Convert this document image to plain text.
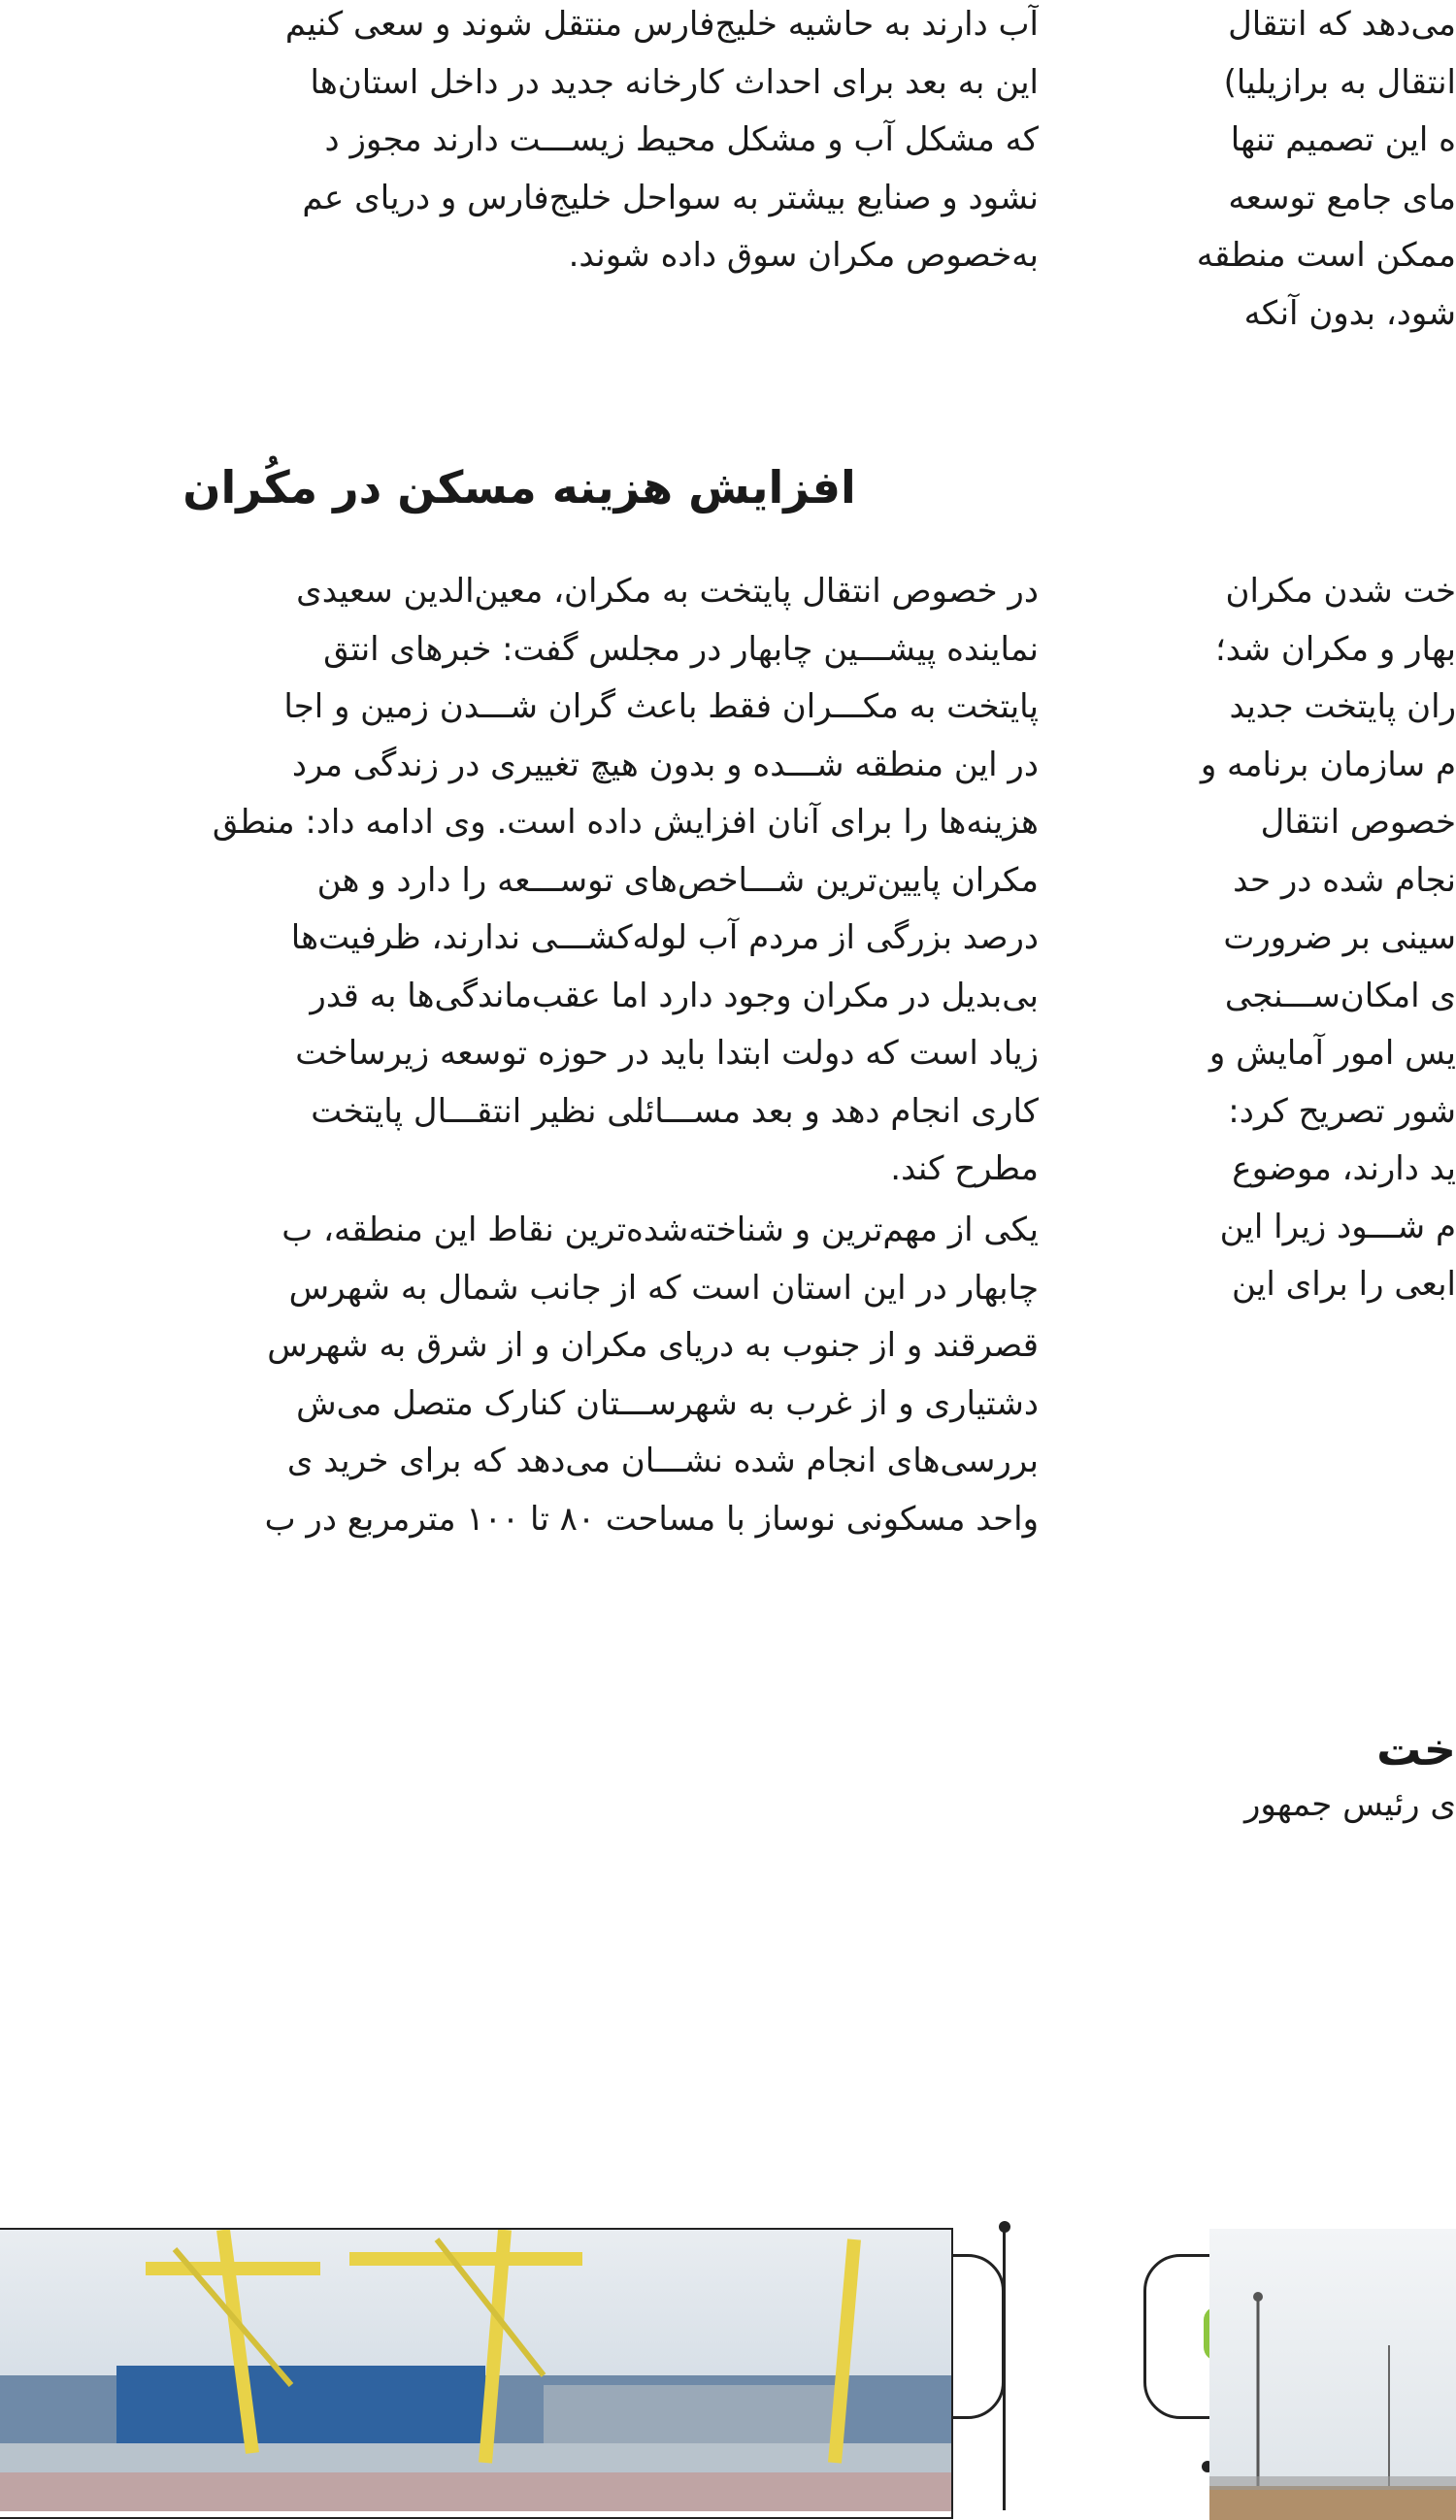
آب دارند به حاشیه خلیج‌فارس منتقل شوند و سعی کنیم
این به بعد برای احداث کارخانه جدید در داخل استان‌ها
که مشکل آب و مشکل محیط زیســـت دارند مجوز د
نشود و صنایع بیشتر به سواحل خلیج‌فارس و دریای عم
به‌خصوص مکران سوق داده شوند.
افزایش هزینه مسکن در مکُران
در خصوص انتقال پایتخت به مکران، معین‌الدین سعیدی
نماینده پیشـــین چابهار در مجلس گفت: خبرهای انتق
پایتخت به مکـــران فقط باعث گران شـــدن زمین و اجا
در این منطقه شـــده و بدون هیچ تغییری در زندگی مرد
هزینه‌ها را برای آنان افزایش داده است. وی ادامه داد: منطق
مکران پایین‌ترین شـــاخص‌های توســـعه را دارد و هن
درصد بزرگی از مردم آب لوله‌کشـــی ندارند، ظرفیت‌ها
بی‌بدیل در مکران وجود دارد اما عقب‌ماندگی‌ها به قدر
زیاد است که دولت ابتدا باید در حوزه توسعه زیرساخت
کاری انجام دهد و بعد مســـائلی نظیر انتقـــال پایتخت
مطرح کند.
یکی از مهم‌ترین و شناخته‌شده‌ترین نقاط این منطقه، ب
چابهار در این استان است که از جانب شمال به شهرس
قصرقند و از جنوب به دریای مکران و از شرق به شهرس
دشتیاری و از غرب به شهرســـتان کنارک متصل می‌ش
بررسی‌های انجام شده نشـــان می‌دهد که برای خرید ی
واحد مسکونی نوساز با مساحت ۸۰ تا ۱۰۰ مترمربع در ب
می‌دهد که انتقال
انتقال به برازیلیا)
ه این تصمیم تنها
مای جامع توسعه
ممکن است منطقه
شود، بدون آنکه
خت شدن مکران
بهار و مکران شد؛
ران پایتخت جدید
م سازمان برنامه و
خصوص انتقال
نجام شده در حد
سینی بر ضرورت
ی امکان‌ســـنجی
یس امور آمایش و
شور تصریح کرد:
ید دارند، موضوع
م شـــود زیرا این
ابعی را برای این
خت
ی رئیس جمهور
